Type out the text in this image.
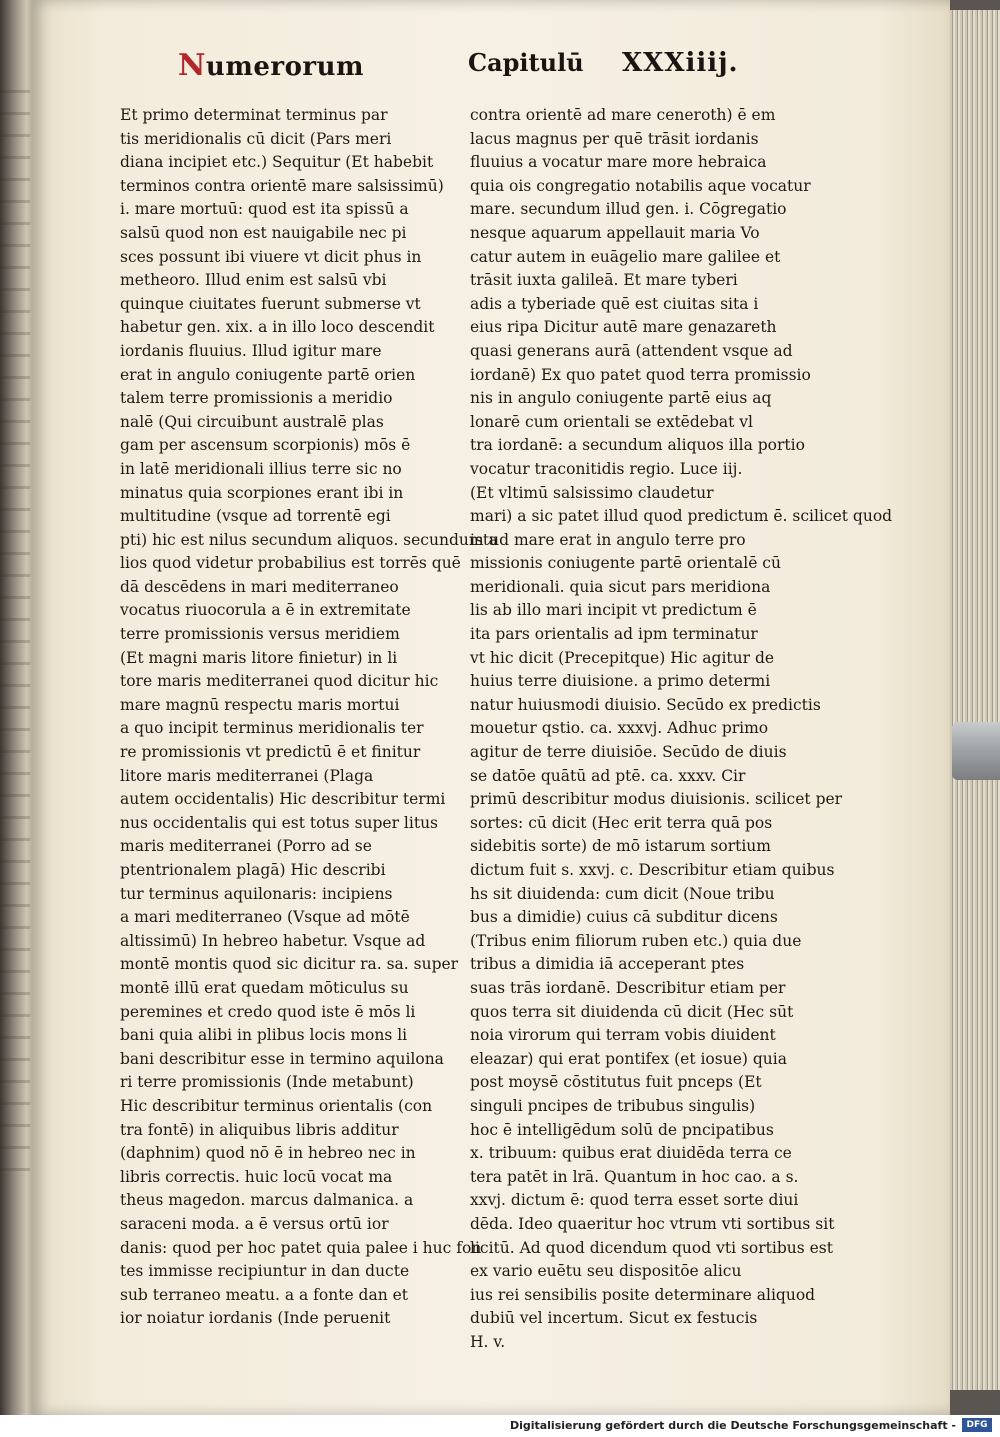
Numerorum	Capitulū XXXiiij.
Et primo determinat terminus par
tis meridionalis cū dicit (Pars meri
diana incipiet etc.) Sequitur (Et habebit
terminos contra orientē mare salsissimū)
i. mare mortuū: quod est ita spissū a
salsū quod non est nauigabile nec pi
sces possunt ibi viuere vt dicit phus in
metheoro. Illud enim est salsū vbi
quinque ciuitates fuerunt submerse vt
habetur gen. xix. a in illo loco descendit
iordanis fluuius. Illud igitur mare
erat in angulo coniugente partē orien
talem terre promissionis a meridio
nalē (Qui circuibunt australē plas
gam per ascensum scorpionis) mōs ē
in latē meridionali illius terre sic no
minatus quia scorpiones erant ibi in
multitudine (vsque ad torrentē egi
pti) hic est nilus secundum aliquos. secundum a
lios quod videtur probabilius est torrēs quē
dā descēdens in mari mediterraneo
vocatus riuocorula a ē in extremitate
terre promissionis versus meridiem
(Et magni maris litore finietur) in li
tore maris mediterranei quod dicitur hic
mare magnū respectu maris mortui
a quo incipit terminus meridionalis ter
re promissionis vt predictū ē et finitur
litore maris mediterranei (Plaga
autem occidentalis) Hic describitur termi
nus occidentalis qui est totus super litus
maris mediterranei (Porro ad se
ptentrionalem plagā) Hic describi
tur terminus aquilonaris: incipiens
a mari mediterraneo (Vsque ad mōtē
altissimū) In hebreo habetur. Vsque ad
montē montis quod sic dicitur ra. sa. super
montē illū erat quedam mōticulus su
peremines et credo quod iste ē mōs li
bani quia alibi in plibus locis mons li
bani describitur esse in termino aquilona
ri terre promissionis (Inde metabunt)
Hic describitur terminus orientalis (con
tra fontē) in aliquibus libris additur
(daphnim) quod nō ē in hebreo nec in
libris correctis. huic locū vocat ma
theus magedon. marcus dalmanica. a
saraceni moda. a ē versus ortū ior
danis: quod per hoc patet quia palee i huc fon
tes immisse recipiuntur in dan ducte
sub terraneo meatu. a a fonte dan et
ior noiatur iordanis (Inde peruenit
contra orientē ad mare ceneroth) ē em
lacus magnus per quē trāsit iordanis
fluuius a vocatur mare more hebraica
quia ois congregatio notabilis aque vocatur
mare. secundum illud gen. i. Cōgregatio
nesque aquarum appellauit maria Vo
catur autem in euāgelio mare galilee et
trāsit iuxta galileā. Et mare tyberi
adis a tyberiade quē est ciuitas sita i
eius ripa Dicitur autē mare genazareth
quasi generans aurā (attendent vsque ad
iordanē) Ex quo patet quod terra promissio
nis in angulo coniugente partē eius aq
lonarē cum orientali se extēdebat vl
tra iordanē: a secundum aliquos illa portio
vocatur traconitidis regio. Luce iij.
(Et vltimū salsissimo claudetur
mari) a sic patet illud quod predictum ē. scilicet quod
istud mare erat in angulo terre pro
missionis coniugente partē orientalē cū
meridionali. quia sicut pars meridiona
lis ab illo mari incipit vt predictum ē
ita pars orientalis ad ipm terminatur
vt hic dicit (Precepitque) Hic agitur de
huius terre diuisione. a primo determi
natur huiusmodi diuisio. Secūdo ex predictis
mouetur qstio. ca. xxxvj. Adhuc primo
agitur de terre diuisiōe. Secūdo de diuis
se datōe quātū ad ptē. ca. xxxv. Cir
primū describitur modus diuisionis. scilicet per
sortes: cū dicit (Hec erit terra quā pos
sidebitis sorte) de mō istarum sortium
dictum fuit s. xxvj. c. Describitur etiam quibus
hs sit diuidenda: cum dicit (Noue tribu
bus a dimidie) cuius cā subditur dicens
(Tribus enim filiorum ruben etc.) quia due
tribus a dimidia iā acceperant ptes
suas trās iordanē. Describitur etiam per
quos terra sit diuidenda cū dicit (Hec sūt
noia virorum qui terram vobis diuident
eleazar) qui erat pontifex (et iosue) quia
post moysē cōstitutus fuit pnceps (Et
singuli pncipes de tribubus singulis)
hoc ē intelligēdum solū de pncipatibus
x. tribuum: quibus erat diuidēda terra ce
tera patēt in lrā. Quantum in hoc cao. a s.
xxvj. dictum ē: quod terra esset sorte diui
dēda. Ideo quaeritur hoc vtrum vti sortibus sit
licitū. Ad quod dicendum quod vti sortibus est
ex vario euētu seu dispositōe alicu
ius rei sensibilis posite determinare aliquod
dubiū vel incertum. Sicut ex festucis
H. v.
Digitalisierung gefördert durch die Deutsche Forschungsgemeinschaft -	DFG
